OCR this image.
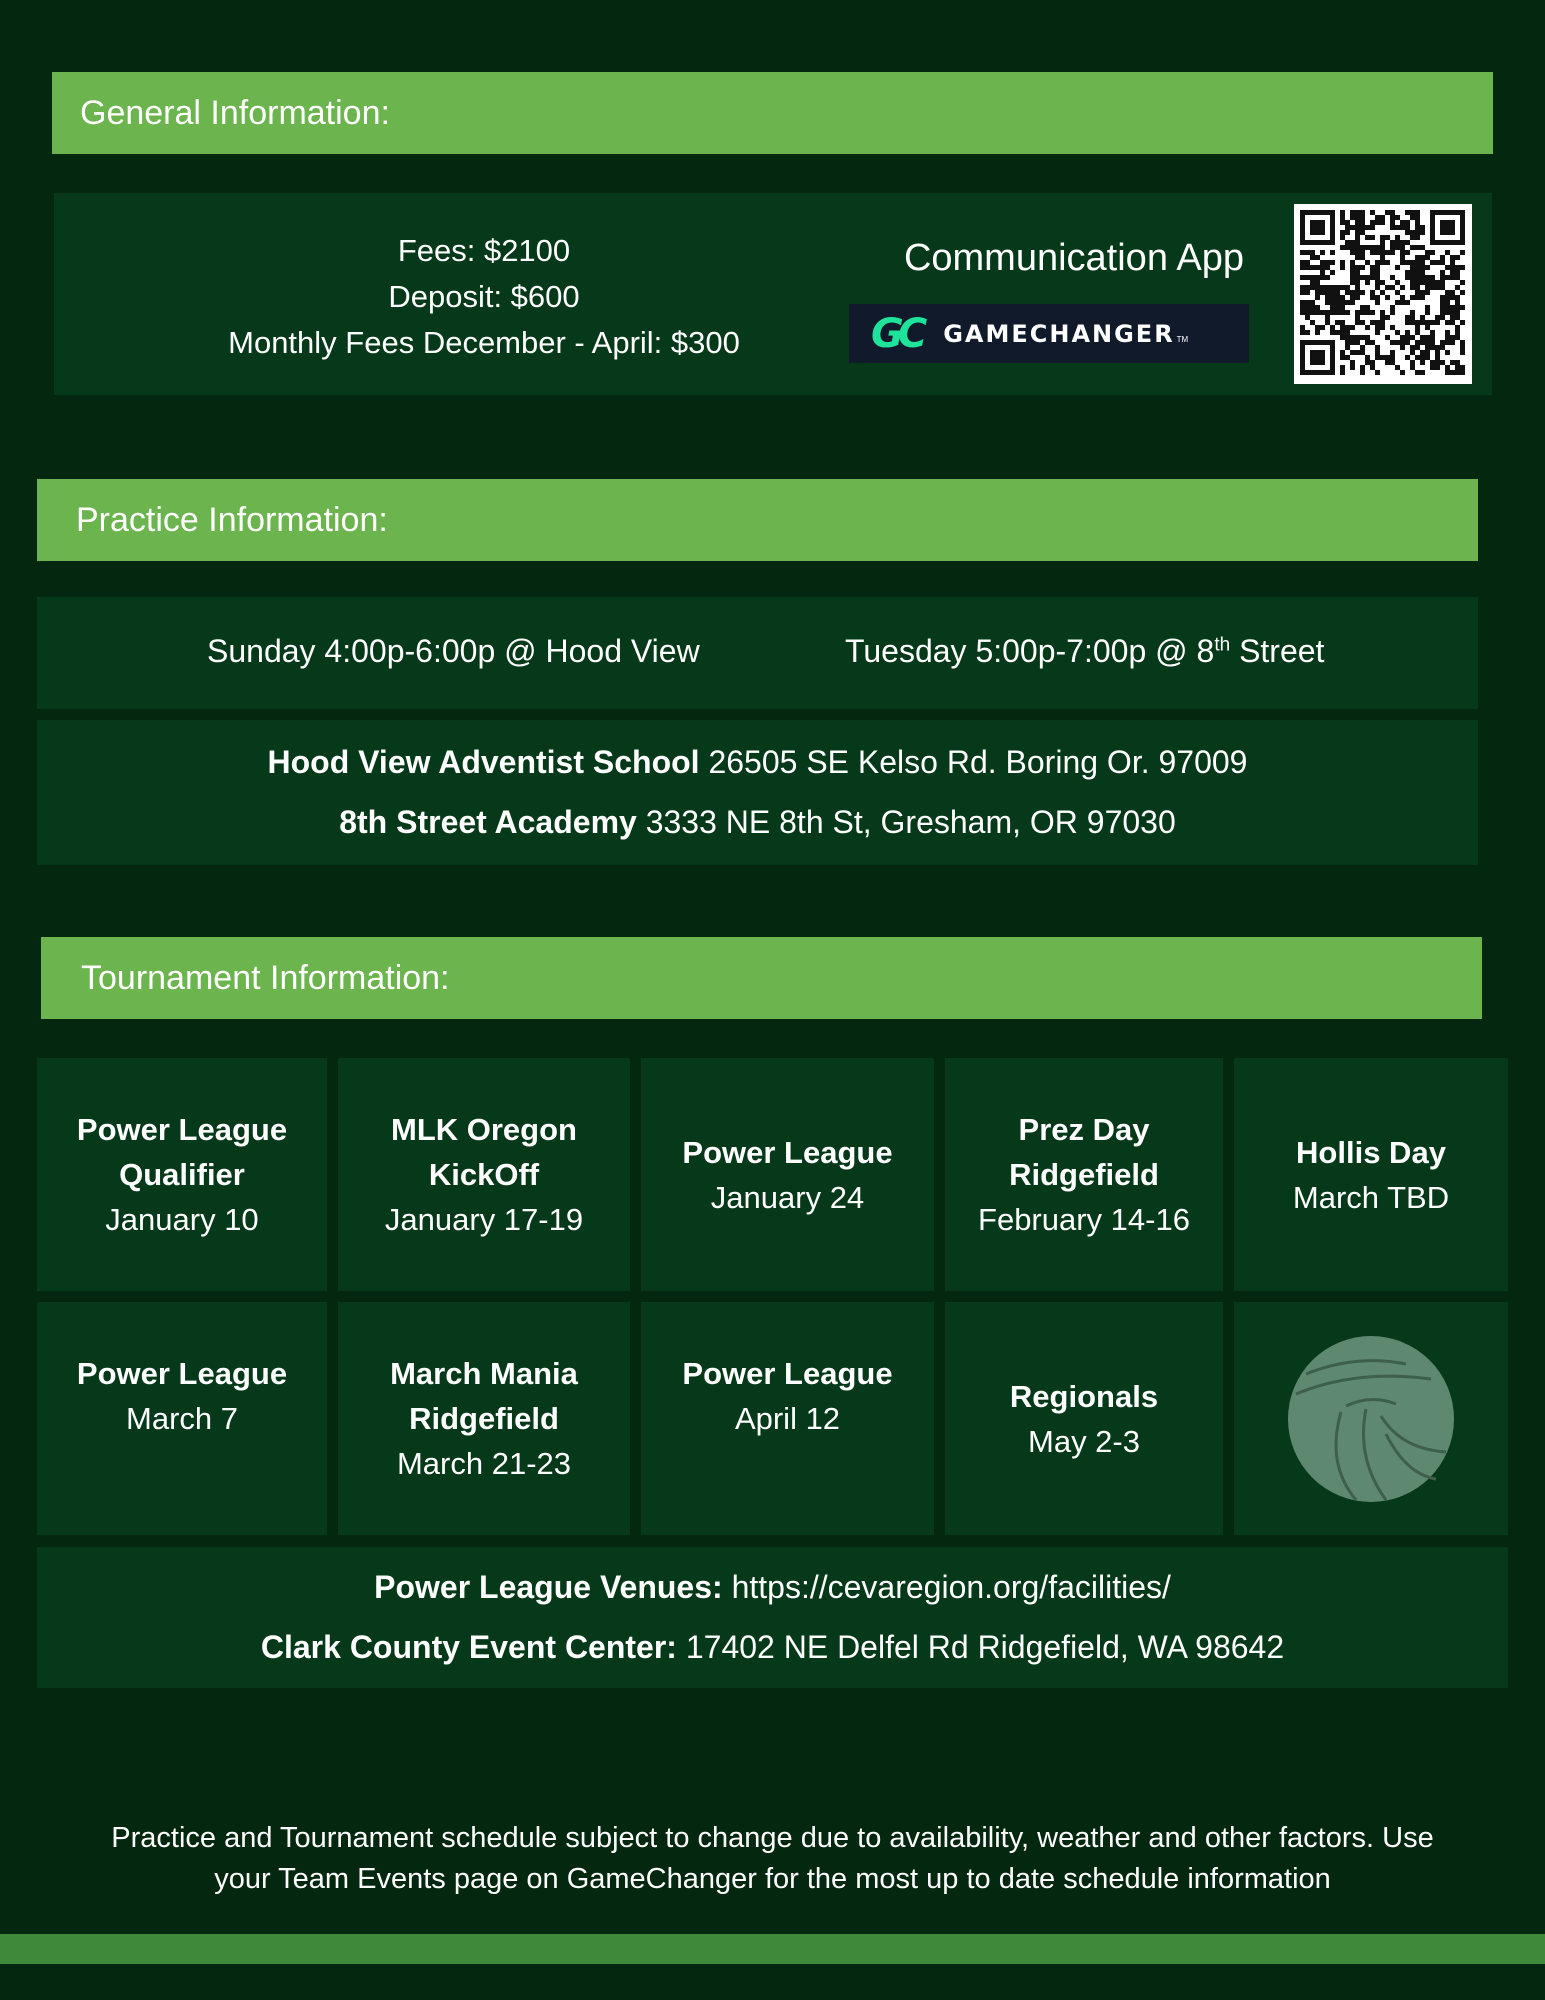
General Information:
Fees: $2100
Deposit: $600
Monthly Fees December - April: $300
Communication App
GC GAMECHANGER TM
Practice Information:
Sunday 4:00p-6:00p @ Hood View	Tuesday 5:00p-7:00p @ 8th Street
Hood View Adventist School 26505 SE Kelso Rd. Boring Or. 97009
8th Street Academy 3333 NE 8th St, Gresham, OR 97030
Tournament Information:
Power League
Qualifier
January 10
MLK Oregon
KickOff
January 17-19
Power League
January 24
Prez Day
Ridgefield
February 14-16
Hollis Day
March TBD
Power League
March 7
March Mania
Ridgefield
March 21-23
Power League
April 12
Regionals
May 2-3
Power League Venues: https://cevaregion.org/facilities/
Clark County Event Center: 17402 NE Delfel Rd Ridgefield, WA 98642
Practice and Tournament schedule subject to change due to availability, weather and other factors. Use
your Team Events page on GameChanger for the most up to date schedule information
